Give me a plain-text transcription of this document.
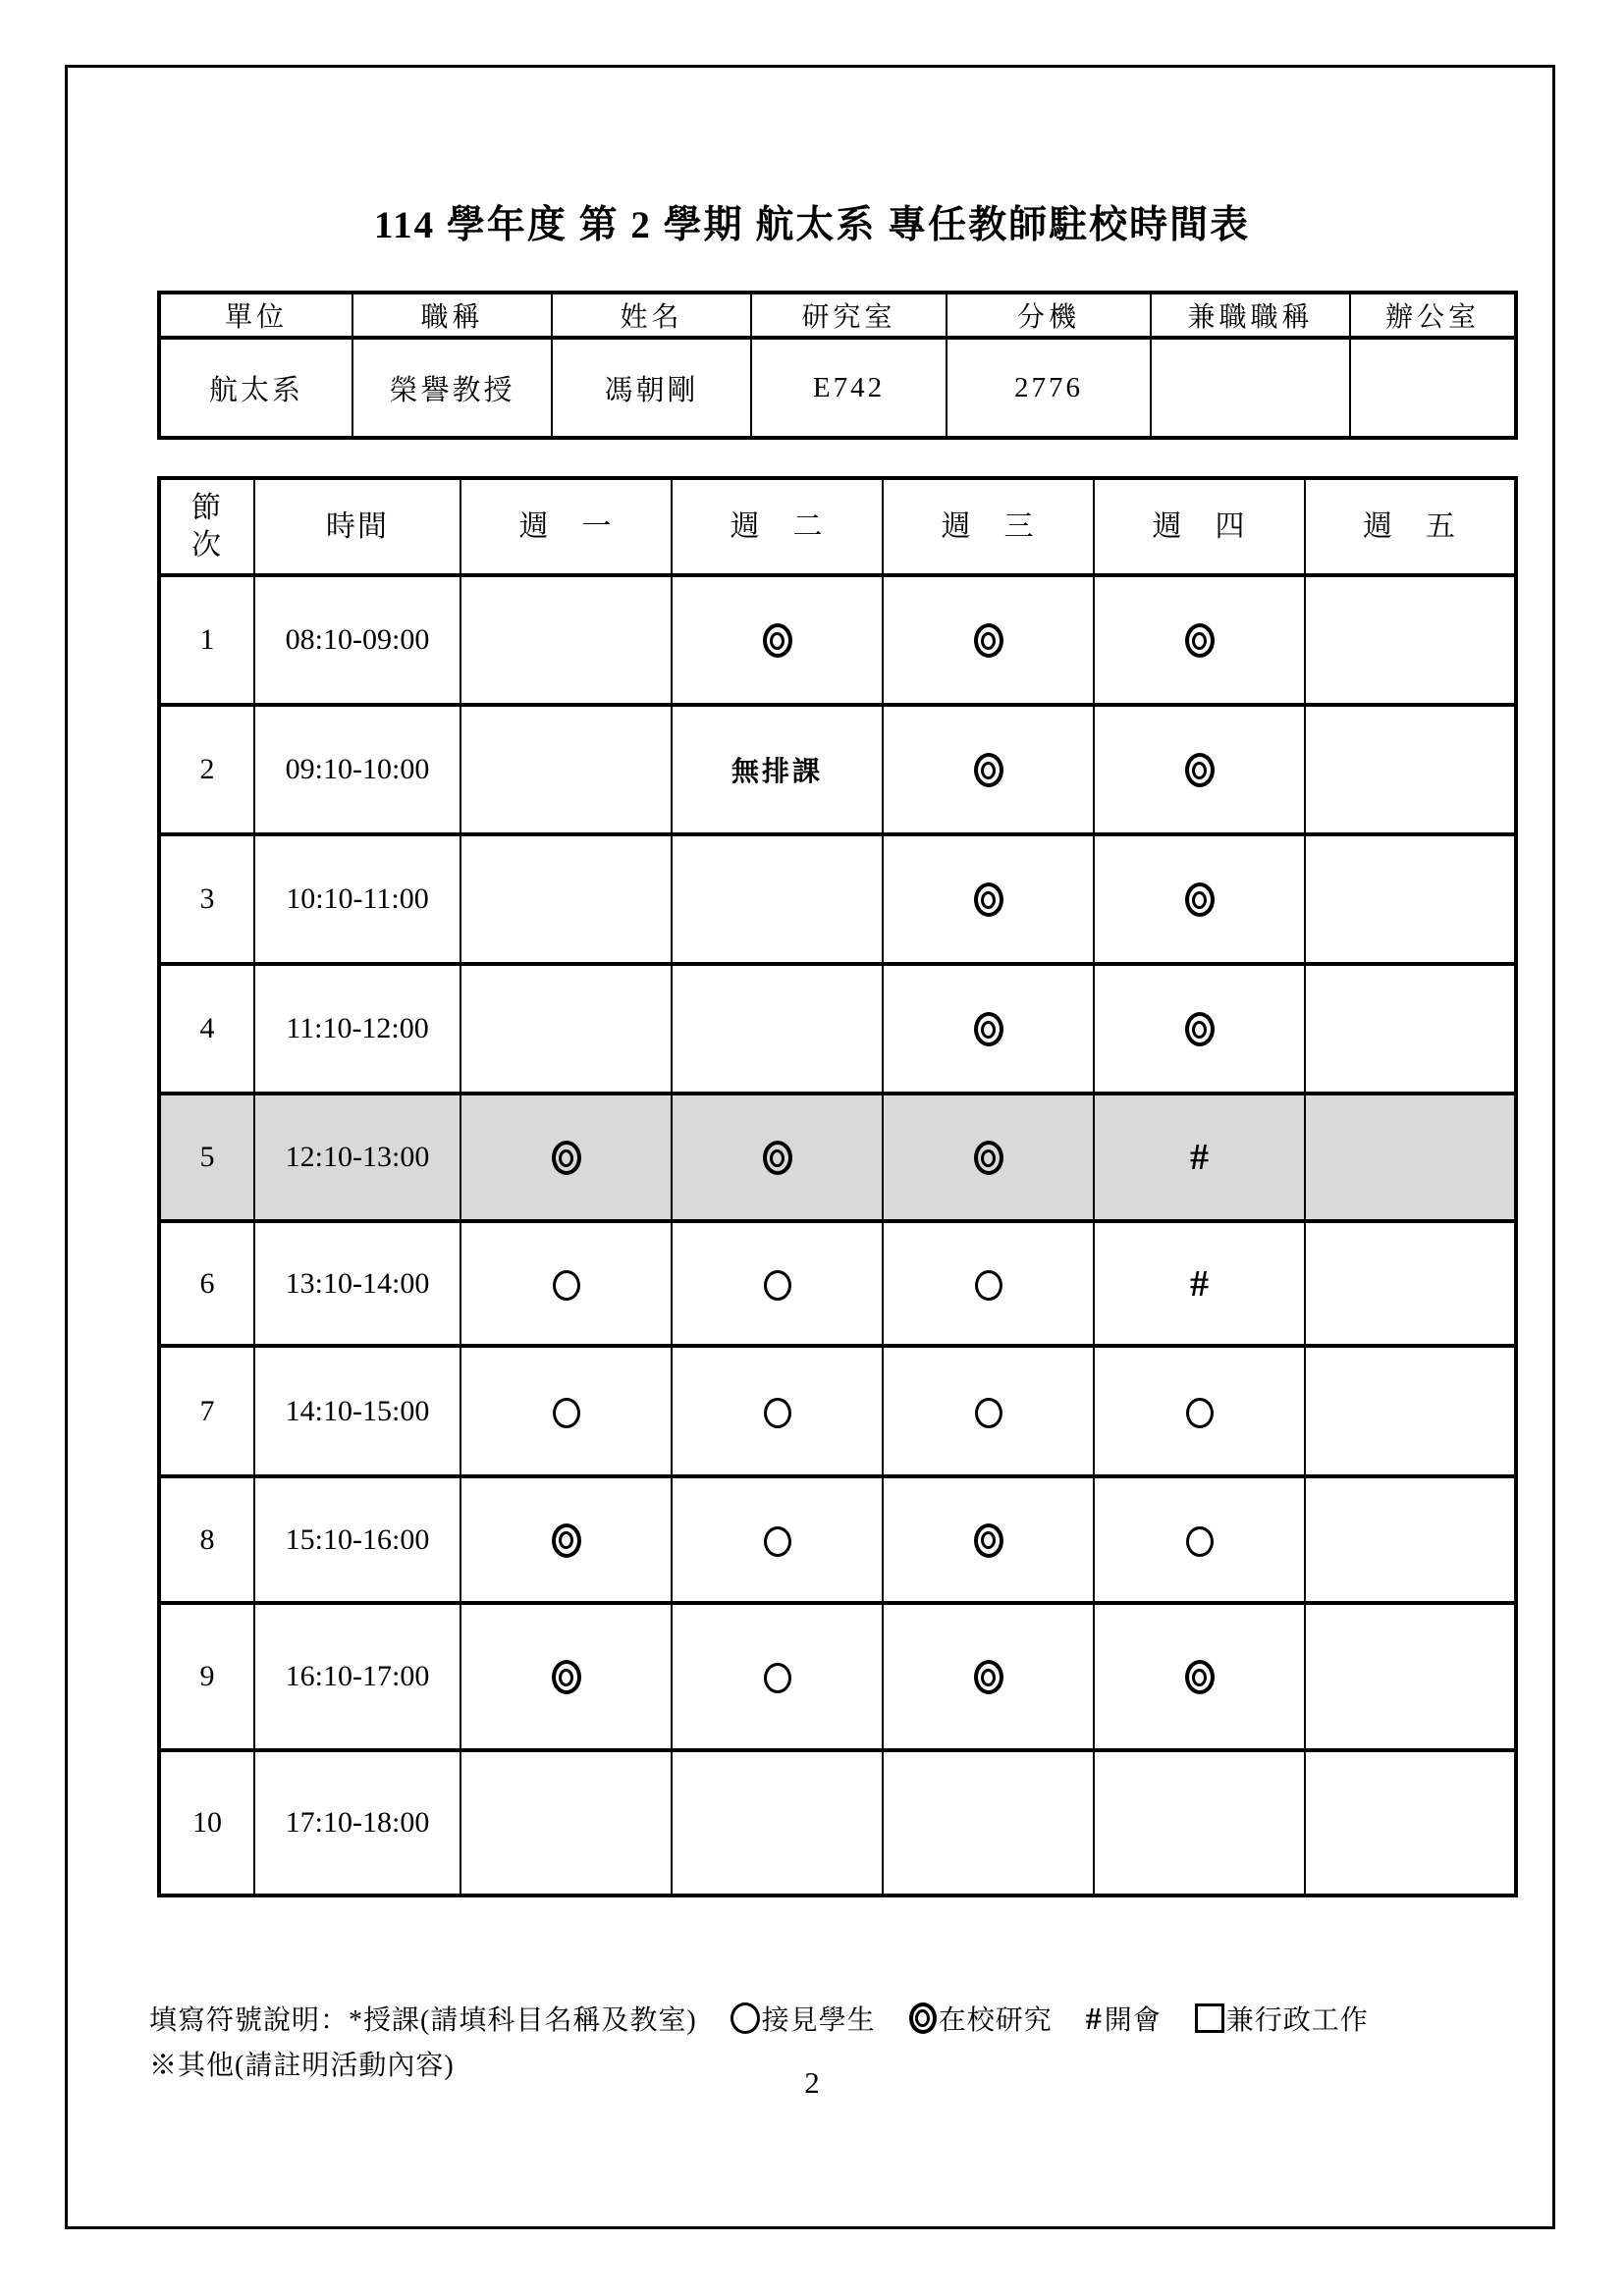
114 學年度 第 2 學期 航太系 專任教師駐校時間表
單位	職稱	姓名	研究室	分機	兼職職稱	辦公室
航太系	榮譽教授	馮朝剛	E742	2776		
節
次	時間	週　一	週　二	週　三	週　四	週　五
1	08:10-09:00		

2	09:10-10:00		無排課	

3	10:10-11:00			

4	11:10-12:00			

5	12:10-13:00				#	
6	13:10-14:00				#	
7	14:10-15:00					
8	15:10-16:00	

9	16:10-17:00	

10	17:10-18:00					
填寫符號說明： *授課(請填科目名稱及教室) 接見學生 在校研究 # 開會 兼行政工作
※其他(請註明活動內容)	2
